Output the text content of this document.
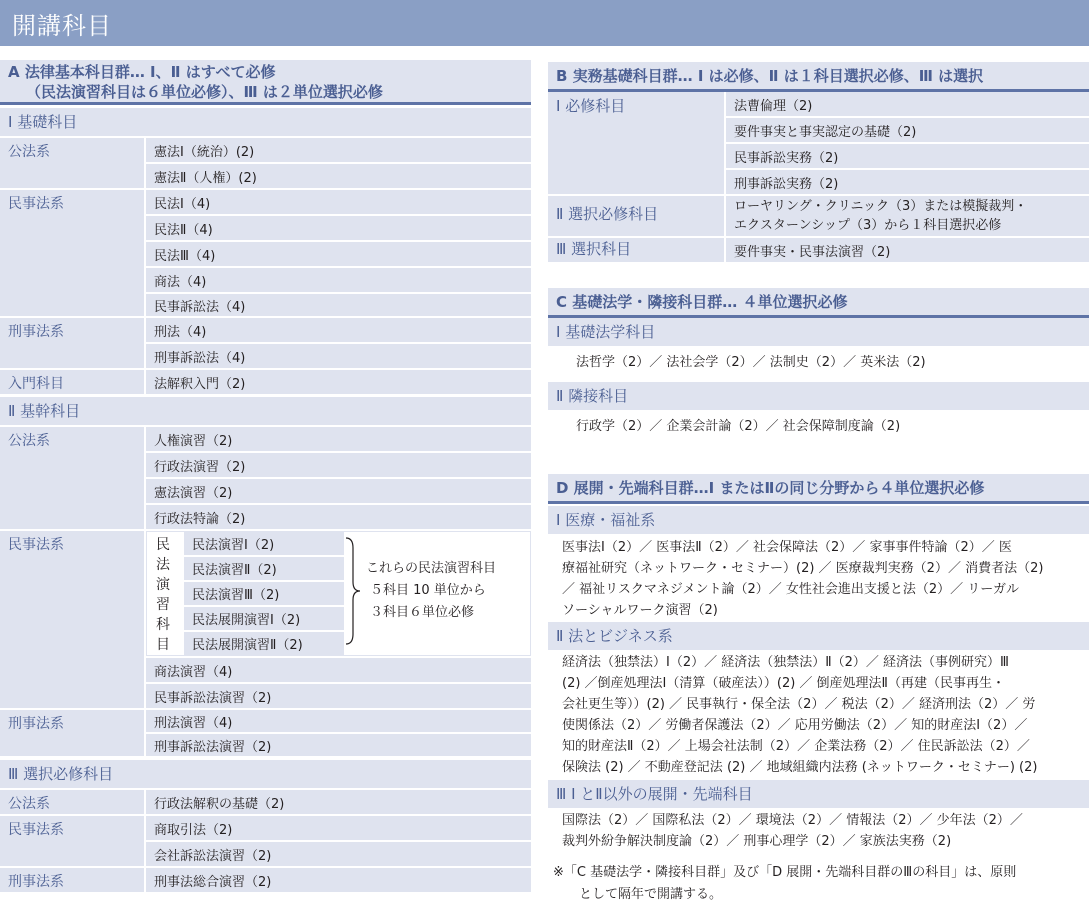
開講科目
A 法律基本科目群… Ⅰ、Ⅱ はすべて必修
（民法演習科目は６単位必修）、Ⅲ は２単位選択必修
Ⅰ 基礎科目
公法系
民事法系
刑事法系
入門科目
憲法Ⅰ（統治）(2)
憲法Ⅱ（人権）(2)
民法Ⅰ（4)
民法Ⅱ（4)
民法Ⅲ（4)
商法（4)
民事訴訟法（4)
刑法（4)
刑事訴訟法（4)
法解釈入門（2)
Ⅱ 基幹科目
公法系
民事法系
刑事法系
人権演習（2)
行政法演習（2)
憲法演習（2)
行政法特論（2)
民法演習科目
民法演習Ⅰ（2)
民法演習Ⅱ（2)
民法演習Ⅲ（2)
民法展開演習Ⅰ（2)
民法展開演習Ⅱ（2)
これらの民法演習科目
５科目 10 単位から
３科目６単位必修
商法演習（4)
民事訴訟法演習（2)
刑法演習（4)
刑事訴訟法演習（2)
Ⅲ 選択必修科目
公法系
民事法系
刑事法系
行政法解釈の基礎（2)
商取引法（2)
会社訴訟法演習（2)
刑事法総合演習（2)
B 実務基礎科目群… Ⅰ は必修、Ⅱ は１科目選択必修、Ⅲ は選択
Ⅰ 必修科目
Ⅱ 選択必修科目
Ⅲ 選択科目
法曹倫理（2)
要件事実と事実認定の基礎（2)
民事訴訟実務（2)
刑事訴訟実務（2)
ローヤリング・クリニック（3）または模擬裁判・
エクスターンシップ（3）から１科目選択必修
要件事実・民事法演習（2)
C 基礎法学・隣接科目群… ４単位選択必修
Ⅰ 基礎法学科目
法哲学（2）／ 法社会学（2）／ 法制史（2）／ 英米法（2)
Ⅱ 隣接科目
行政学（2）／ 企業会計論（2）／ 社会保障制度論（2)
D 展開・先端科目群…Ⅰ またはⅡの同じ分野から４単位選択必修
Ⅰ 医療・福祉系
医事法Ⅰ（2）／ 医事法Ⅱ（2）／ 社会保障法（2）／ 家事事件特論（2）／ 医
療福祉研究（ネットワーク・セミナー）(2) ／ 医療裁判実務（2）／ 消費者法（2)
／ 福祉リスクマネジメント論（2）／ 女性社会進出支援と法（2）／ リーガル
ソーシャルワーク演習（2)
Ⅱ 法とビジネス系
経済法（独禁法）Ⅰ（2）／ 経済法（独禁法）Ⅱ（2）／ 経済法（事例研究）Ⅲ
(2) ／倒産処理法Ⅰ（清算（破産法））(2) ／ 倒産処理法Ⅱ（再建（民事再生・
会社更生等））(2) ／ 民事執行・保全法（2）／ 税法（2）／ 経済刑法（2）／ 労
使関係法（2）／ 労働者保護法（2）／ 応用労働法（2）／ 知的財産法Ⅰ（2）／
知的財産法Ⅱ（2）／ 上場会社法制（2）／ 企業法務（2）／ 住民訴訟法（2）／
保険法 (2) ／ 不動産登記法 (2) ／ 地域組織内法務 (ネットワーク・セミナー) (2)
Ⅲ Ⅰ とⅡ以外の展開・先端科目
国際法（2）／ 国際私法（2）／ 環境法（2）／ 情報法（2）／ 少年法（2）／
裁判外紛争解決制度論（2）／ 刑事心理学（2）／ 家族法実務（2)
※「C 基礎法学・隣接科目群」及び「D 展開・先端科目群のⅢの科目」は、原則
として隔年で開講する。
